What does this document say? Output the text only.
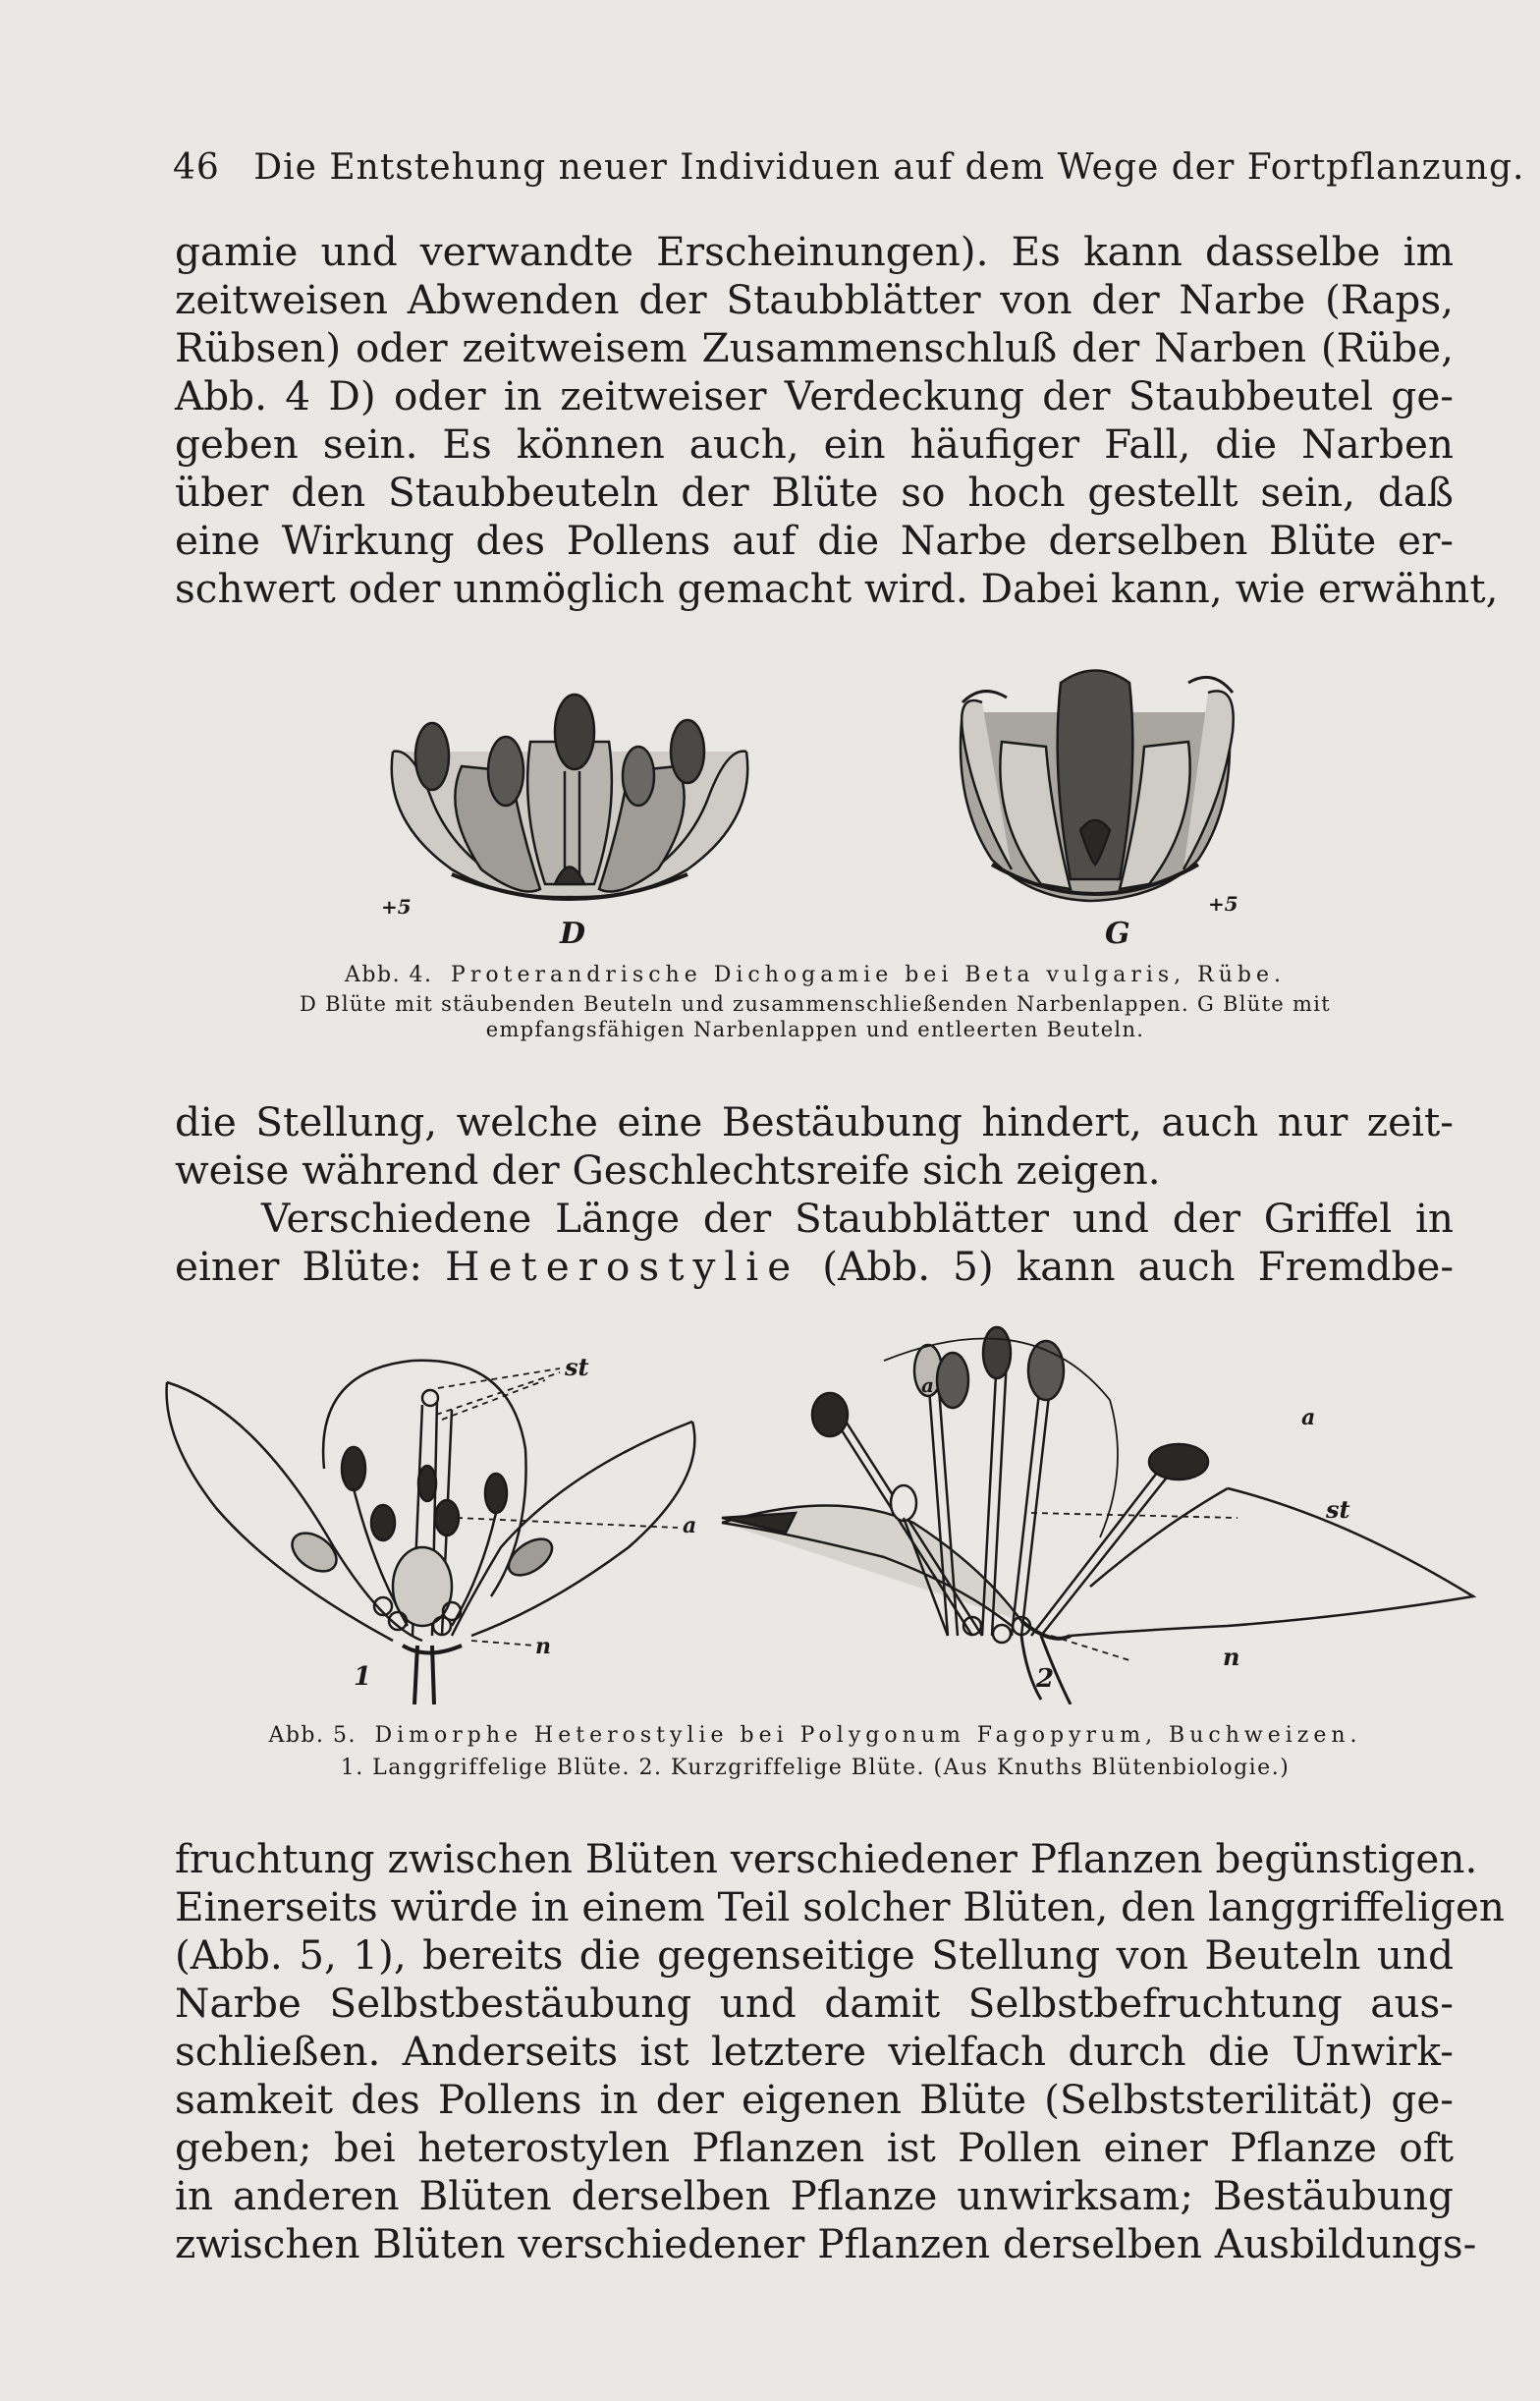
46 Die Entstehung neuer Individuen auf dem Wege der Fortpflanzung.
gamie und verwandte Erscheinungen). Es kann dasselbe im
zeitweisen Abwenden der Staubblätter von der Narbe (Raps,
Rübsen) oder zeitweisem Zusammenschluß der Narben (Rübe,
Abb. 4 D) oder in zeitweiser Verdeckung der Staubbeutel ge-
geben sein. Es können auch, ein häufiger Fall, die Narben
über den Staubbeuteln der Blüte so hoch gestellt sein, daß
eine Wirkung des Pollens auf die Narbe derselben Blüte er-
schwert oder unmöglich gemacht wird. Dabei kann, wie erwähnt,
+5
D	G
+5
Abb. 4. Proterandrische Dichogamie bei Beta vulgaris, Rübe.
D Blüte mit stäubenden Beuteln und zusammenschließenden Narbenlappen. G Blüte mit
empfangsfähigen Narbenlappen und entleerten Beuteln.
die Stellung, welche eine Bestäubung hindert, auch nur zeit-
weise während der Geschlechtsreife sich zeigen.
Verschiedene Länge der Staubblätter und der Griffel in
einer Blüte: Heterostylie (Abb. 5) kann auch Fremdbe-
st
a
n
1
a
a
st
n
2
Abb. 5. Dimorphe Heterostylie bei Polygonum Fagopyrum, Buchweizen.
1. Langgriffelige Blüte. 2. Kurzgriffelige Blüte. (Aus Knuths Blütenbiologie.)
fruchtung zwischen Blüten verschiedener Pflanzen begünstigen.
Einerseits würde in einem Teil solcher Blüten, den langgriffeligen
(Abb. 5, 1), bereits die gegenseitige Stellung von Beuteln und
Narbe Selbstbestäubung und damit Selbstbefruchtung aus-
schließen. Anderseits ist letztere vielfach durch die Unwirk-
samkeit des Pollens in der eigenen Blüte (Selbststerilität) ge-
geben; bei heterostylen Pflanzen ist Pollen einer Pflanze oft
in anderen Blüten derselben Pflanze unwirksam; Bestäubung
zwischen Blüten verschiedener Pflanzen derselben Ausbildungs-
